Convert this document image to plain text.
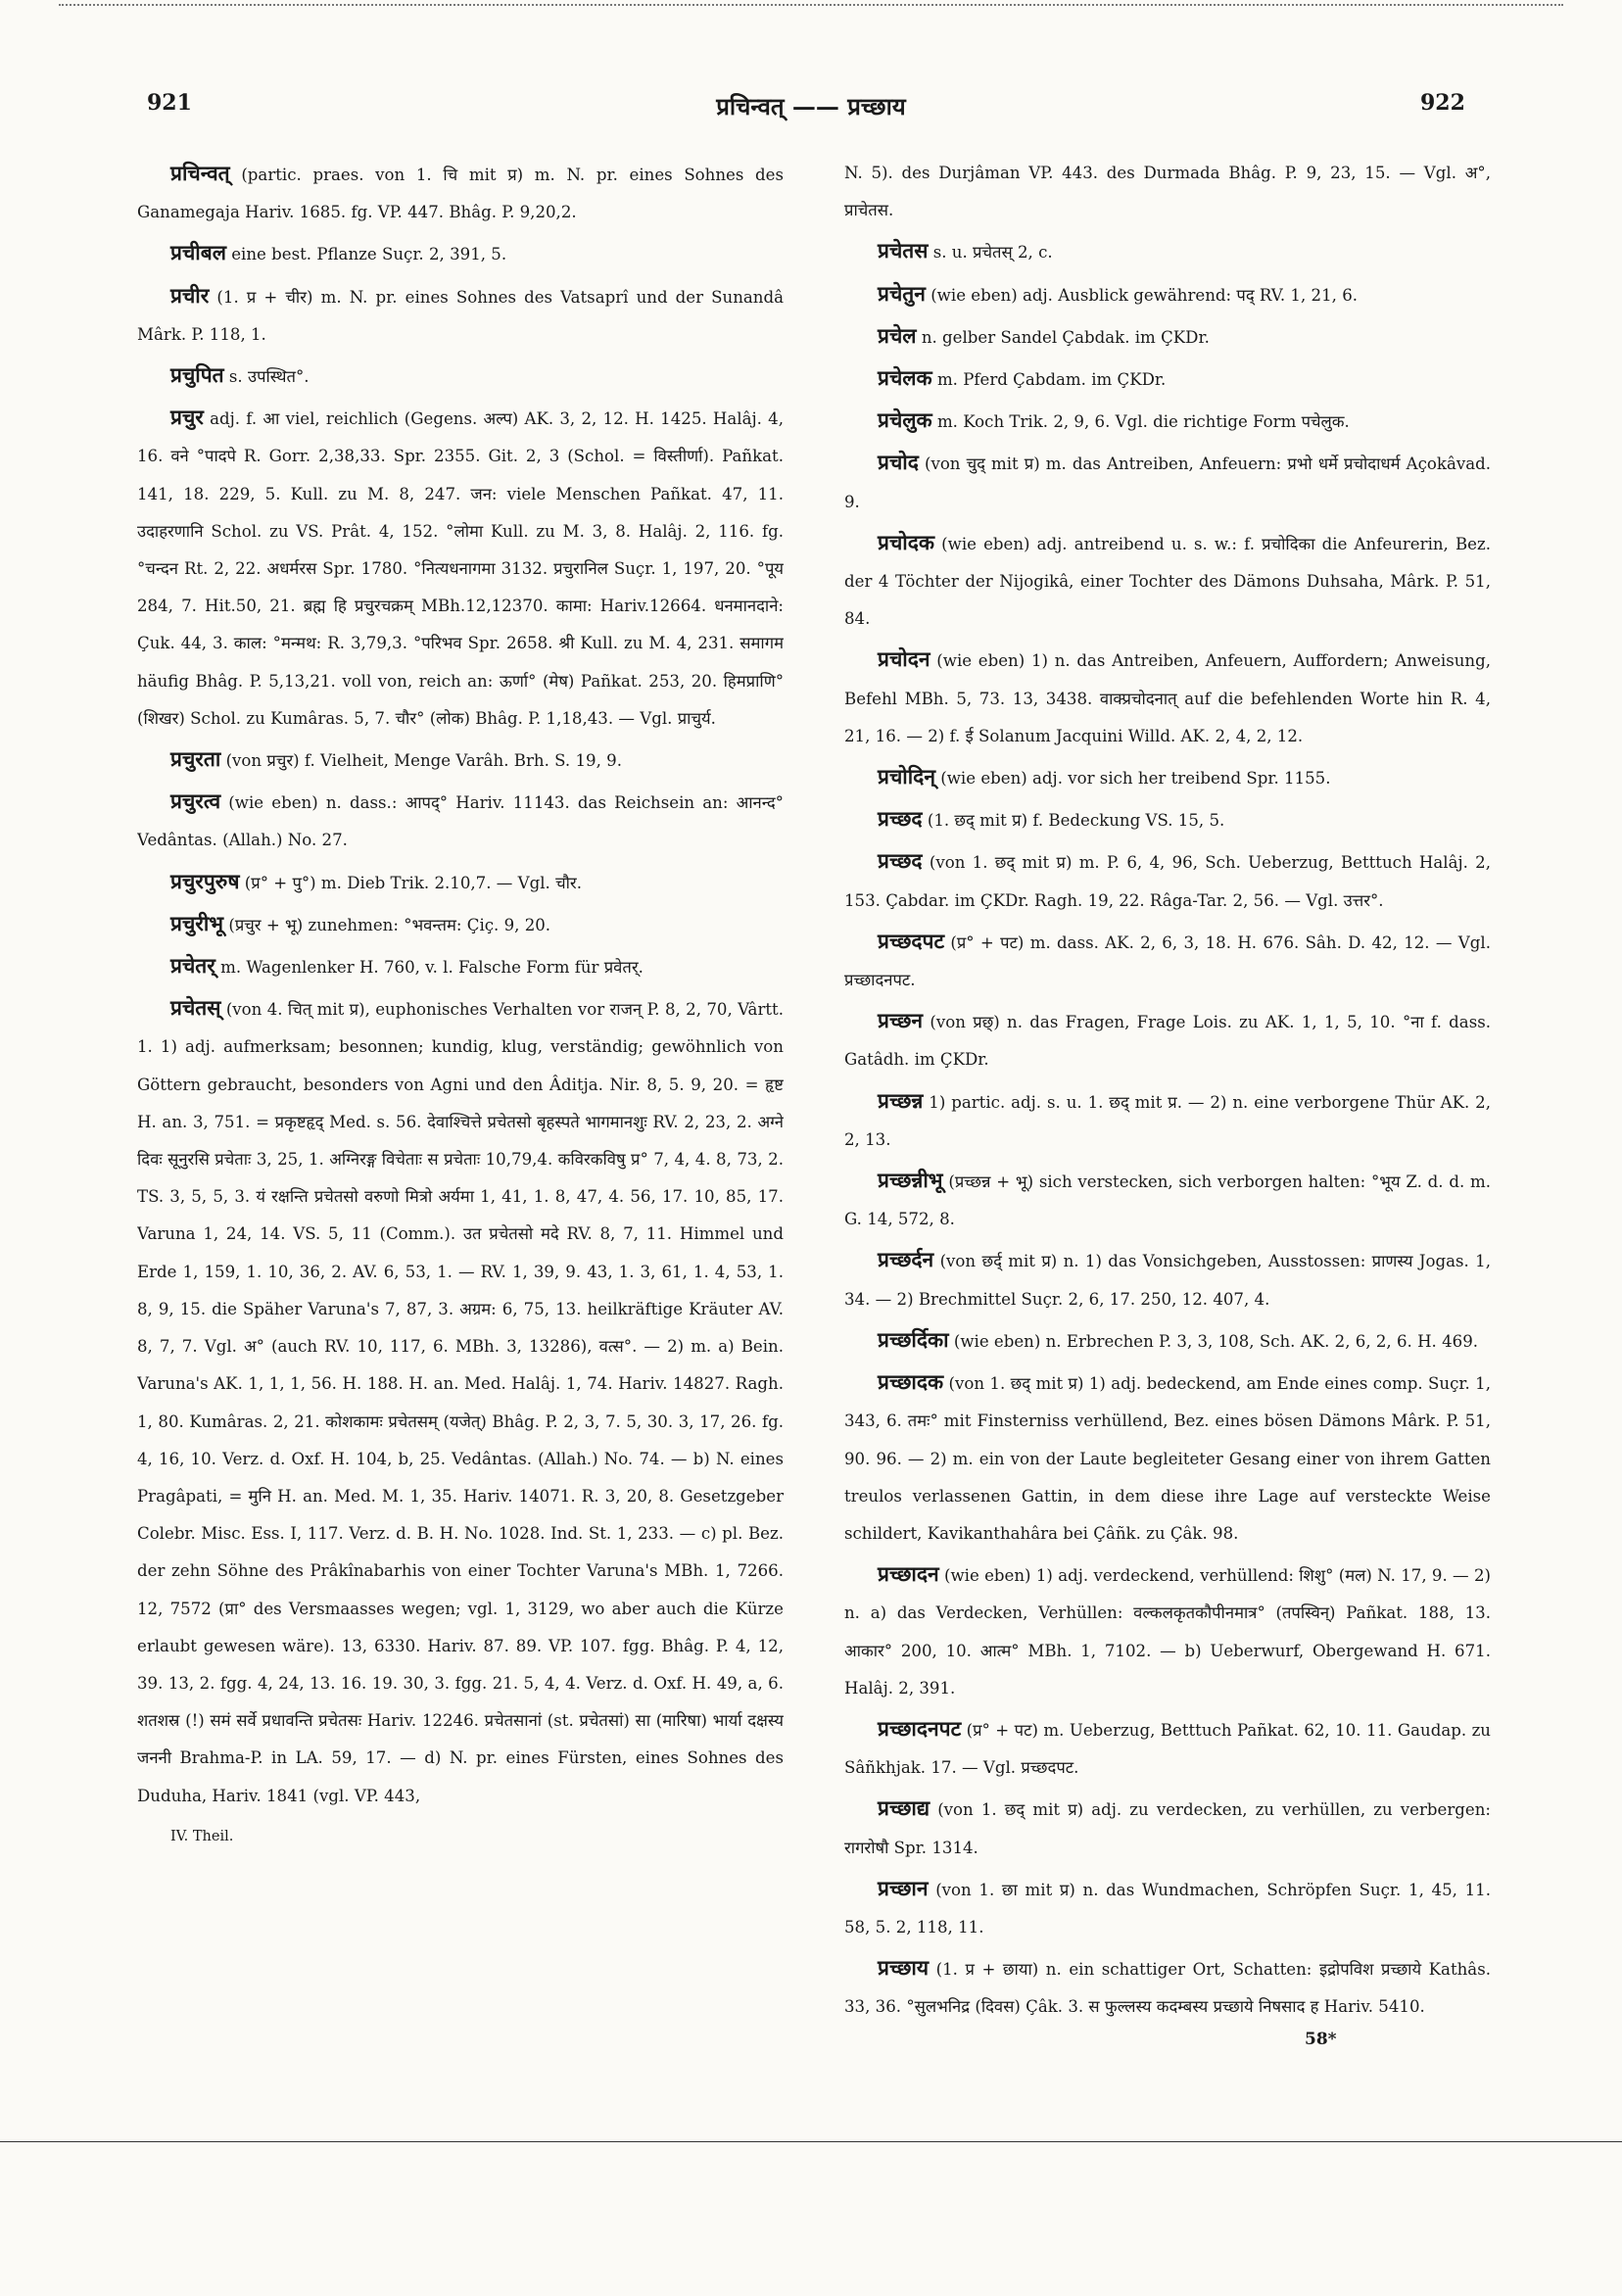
921	प्रचिन्वत् —— प्रच्छाय	922

प्रचिन्वत् (partic. praes. von 1. चि mit प्र) m. N. pr. eines Sohnes des Ganamegaja Hariv. 1685. fg. VP. 447. Bhâg. P. 9,20,2.

प्रचीबल eine best. Pflanze Suçr. 2, 391, 5.

प्रचीर (1. प्र + चीर) m. N. pr. eines Sohnes des Vatsaprî und der Sunandâ Mârk. P. 118, 1.

प्रचुपित s. उपस्थित°.

प्रचुर adj. f. आ viel, reichlich (Gegens. अल्प) AK. 3, 2, 12. H. 1425. Halâj. 4, 16. वने °पादपे R. Gorr. 2,38,33. Spr. 2355. Git. 2, 3 (Schol. = विस्तीर्णा). Pañkat. 141, 18. 229, 5. Kull. zu M. 8, 247. जन: viele Menschen Pañkat. 47, 11. उदाहरणानि Schol. zu VS. Prât. 4, 152. °लोमा Kull. zu M. 3, 8. Halâj. 2, 116. fg. °चन्दन Rt. 2, 22. अधर्मरस Spr. 1780. °नित्यधनागमा 3132. प्रचुरानिल Suçr. 1, 197, 20. °पूय 284, 7. Hit.50, 21. ब्रह्म हि प्रचुरचक्रम् MBh.12,12370. कामा: Hariv.12664. धनमानदाने: Çuk. 44, 3. काल: °मन्मथ: R. 3,79,3. °परिभव Spr. 2658. श्री Kull. zu M. 4, 231. समागम häufig Bhâg. P. 5,13,21. voll von, reich an: ऊर्णा° (मेष) Pañkat. 253, 20. हिमप्राणि° (शिखर) Schol. zu Kumâras. 5, 7. चौर° (लोक) Bhâg. P. 1,18,43. — Vgl. प्राचुर्य.

प्रचुरता (von प्रचुर) f. Vielheit, Menge Varâh. Brh. S. 19, 9.

प्रचुरत्व (wie eben) n. dass.: आपद्° Hariv. 11143. das Reichsein an: आनन्द° Vedântas. (Allah.) No. 27.

प्रचुरपुरुष (प्र° + पु°) m. Dieb Trik. 2.10,7. — Vgl. चौर.

प्रचुरीभू (प्रचुर + भू) zunehmen: °भवन्तम: Çiç. 9, 20.

प्रचेतर् m. Wagenlenker H. 760, v. l. Falsche Form für प्रवेतर्.

प्रचेतस् (von 4. चित् mit प्र), euphonisches Verhalten vor राजन् P. 8, 2, 70, Vârtt. 1. 1) adj. aufmerksam; besonnen; kundig, klug, verständig; gewöhnlich von Göttern gebraucht, besonders von Agni und den Âditja. Nir. 8, 5. 9, 20. = हृष्ट H. an. 3, 751. = प्रकृष्टहृद् Med. s. 56. देवाश्चित्ते प्रचेतसो बृहस्पते भागमानशुः RV. 2, 23, 2. अग्ने दिवः सूनुरसि प्रचेताः 3, 25, 1. अग्निरङ्ग विचेताः स प्रचेताः 10,79,4. कविरकविषु प्र° 7, 4, 4. 8, 73, 2. TS. 3, 5, 5, 3. यं रक्षन्ति प्रचेतसो वरुणो मित्रो अर्यमा 1, 41, 1. 8, 47, 4. 56, 17. 10, 85, 17. Varuna 1, 24, 14. VS. 5, 11 (Comm.). उत प्रचेतसो मदे RV. 8, 7, 11. Himmel und Erde 1, 159, 1. 10, 36, 2. AV. 6, 53, 1. — RV. 1, 39, 9. 43, 1. 3, 61, 1. 4, 53, 1. 8, 9, 15. die Späher Varuna's 7, 87, 3. अग्रम: 6, 75, 13. heilkräftige Kräuter AV. 8, 7, 7. Vgl. अ° (auch RV. 10, 117, 6. MBh. 3, 13286), वत्स°. — 2) m. a) Bein. Varuna's AK. 1, 1, 1, 56. H. 188. H. an. Med. Halâj. 1, 74. Hariv. 14827. Ragh. 1, 80. Kumâras. 2, 21. कोशकामः प्रचेतसम् (यजेत्) Bhâg. P. 2, 3, 7. 5, 30. 3, 17, 26. fg. 4, 16, 10. Verz. d. Oxf. H. 104, b, 25. Vedântas. (Allah.) No. 74. — b) N. eines Pragâpati, = मुनि H. an. Med. M. 1, 35. Hariv. 14071. R. 3, 20, 8. Gesetzgeber Colebr. Misc. Ess. I, 117. Verz. d. B. H. No. 1028. Ind. St. 1, 233. — c) pl. Bez. der zehn Söhne des Prâkînabarhis von einer Tochter Varuna's MBh. 1, 7266. 12, 7572 (प्रा° des Versmaasses wegen; vgl. 1, 3129, wo aber auch die Kürze erlaubt gewesen wäre). 13, 6330. Hariv. 87. 89. VP. 107. fgg. Bhâg. P. 4, 12, 39. 13, 2. fgg. 4, 24, 13. 16. 19. 30, 3. fgg. 21. 5, 4, 4. Verz. d. Oxf. H. 49, a, 6. शतशस्र (!) समं सर्वे प्रधावन्ति प्रचेतसः Hariv. 12246. प्रचेतसानां (st. प्रचेतसां) सा (मारिषा) भार्या दक्षस्य जननी Brahma-P. in LA. 59, 17. — d) N. pr. eines Fürsten, eines Sohnes des Duduha, Hariv. 1841 (vgl. VP. 443,

IV. Theil.

N. 5). des Durjâman VP. 443. des Durmada Bhâg. P. 9, 23, 15. — Vgl. अ°, प्राचेतस.

प्रचेतस s. u. प्रचेतस् 2, c.

प्रचेतुन (wie eben) adj. Ausblick gewährend: पद् RV. 1, 21, 6.

प्रचेल n. gelber Sandel Çabdak. im ÇKDr.

प्रचेलक m. Pferd Çabdam. im ÇKDr.

प्रचेलुक m. Koch Trik. 2, 9, 6. Vgl. die richtige Form पचेलुक.

प्रचोद (von चुद् mit प्र) m. das Antreiben, Anfeuern: प्रभो धर्मे प्रचोदाधर्म Açokâvad. 9.

प्रचोदक (wie eben) adj. antreibend u. s. w.: f. प्रचोदिका die Anfeurerin, Bez. der 4 Töchter der Nijogikâ, einer Tochter des Dämons Duhsaha, Mârk. P. 51, 84.

प्रचोदन (wie eben) 1) n. das Antreiben, Anfeuern, Auffordern; Anweisung, Befehl MBh. 5, 73. 13, 3438. वाक्प्रचोदनात् auf die befehlenden Worte hin R. 4, 21, 16. — 2) f. ई Solanum Jacquini Willd. AK. 2, 4, 2, 12.

प्रचोदिन् (wie eben) adj. vor sich her treibend Spr. 1155.

प्रच्छद (1. छद् mit प्र) f. Bedeckung VS. 15, 5.

प्रच्छद (von 1. छद् mit प्र) m. P. 6, 4, 96, Sch. Ueberzug, Betttuch Halâj. 2, 153. Çabdar. im ÇKDr. Ragh. 19, 22. Râga-Tar. 2, 56. — Vgl. उत्तर°.

प्रच्छदपट (प्र° + पट) m. dass. AK. 2, 6, 3, 18. H. 676. Sâh. D. 42, 12. — Vgl. प्रच्छादनपट.

प्रच्छन (von प्रछ्) n. das Fragen, Frage Lois. zu AK. 1, 1, 5, 10. °ना f. dass. Gatâdh. im ÇKDr.

प्रच्छन्न 1) partic. adj. s. u. 1. छद् mit प्र. — 2) n. eine verborgene Thür AK. 2, 2, 13.

प्रच्छन्नीभू (प्रच्छन्न + भू) sich verstecken, sich verborgen halten: °भूय Z. d. d. m. G. 14, 572, 8.

प्रच्छर्दन (von छर्द् mit प्र) n. 1) das Vonsichgeben, Ausstossen: प्राणस्य Jogas. 1, 34. — 2) Brechmittel Suçr. 2, 6, 17. 250, 12. 407, 4.

प्रच्छर्दिका (wie eben) n. Erbrechen P. 3, 3, 108, Sch. AK. 2, 6, 2, 6. H. 469.

प्रच्छादक (von 1. छद् mit प्र) 1) adj. bedeckend, am Ende eines comp. Suçr. 1, 343, 6. तमः° mit Finsterniss verhüllend, Bez. eines bösen Dämons Mârk. P. 51, 90. 96. — 2) m. ein von der Laute begleiteter Gesang einer von ihrem Gatten treulos verlassenen Gattin, in dem diese ihre Lage auf versteckte Weise schildert, Kavikanthahâra bei Çâñk. zu Çâk. 98.

प्रच्छादन (wie eben) 1) adj. verdeckend, verhüllend: शिशु° (मल) N. 17, 9. — 2) n. a) das Verdecken, Verhüllen: वल्कलकृतकौपीनमात्र° (तपस्विन्) Pañkat. 188, 13. आकार° 200, 10. आत्म° MBh. 1, 7102. — b) Ueberwurf, Obergewand H. 671. Halâj. 2, 391.

प्रच्छादनपट (प्र° + पट) m. Ueberzug, Betttuch Pañkat. 62, 10. 11. Gaudap. zu Sâñkhjak. 17. — Vgl. प्रच्छदपट.

प्रच्छाद्य (von 1. छद् mit प्र) adj. zu verdecken, zu verhüllen, zu verbergen: रागरोषौ Spr. 1314.

प्रच्छान (von 1. छा mit प्र) n. das Wundmachen, Schröpfen Suçr. 1, 45, 11. 58, 5. 2, 118, 11.

प्रच्छाय (1. प्र + छाया) n. ein schattiger Ort, Schatten: इद्रोपविश प्रच्छाये Kathâs. 33, 36. °सुलभनिद्र (दिवस) Çâk. 3. स फुल्लस्य कदम्बस्य प्रच्छाये निषसाद ह Hariv. 5410.

58*
